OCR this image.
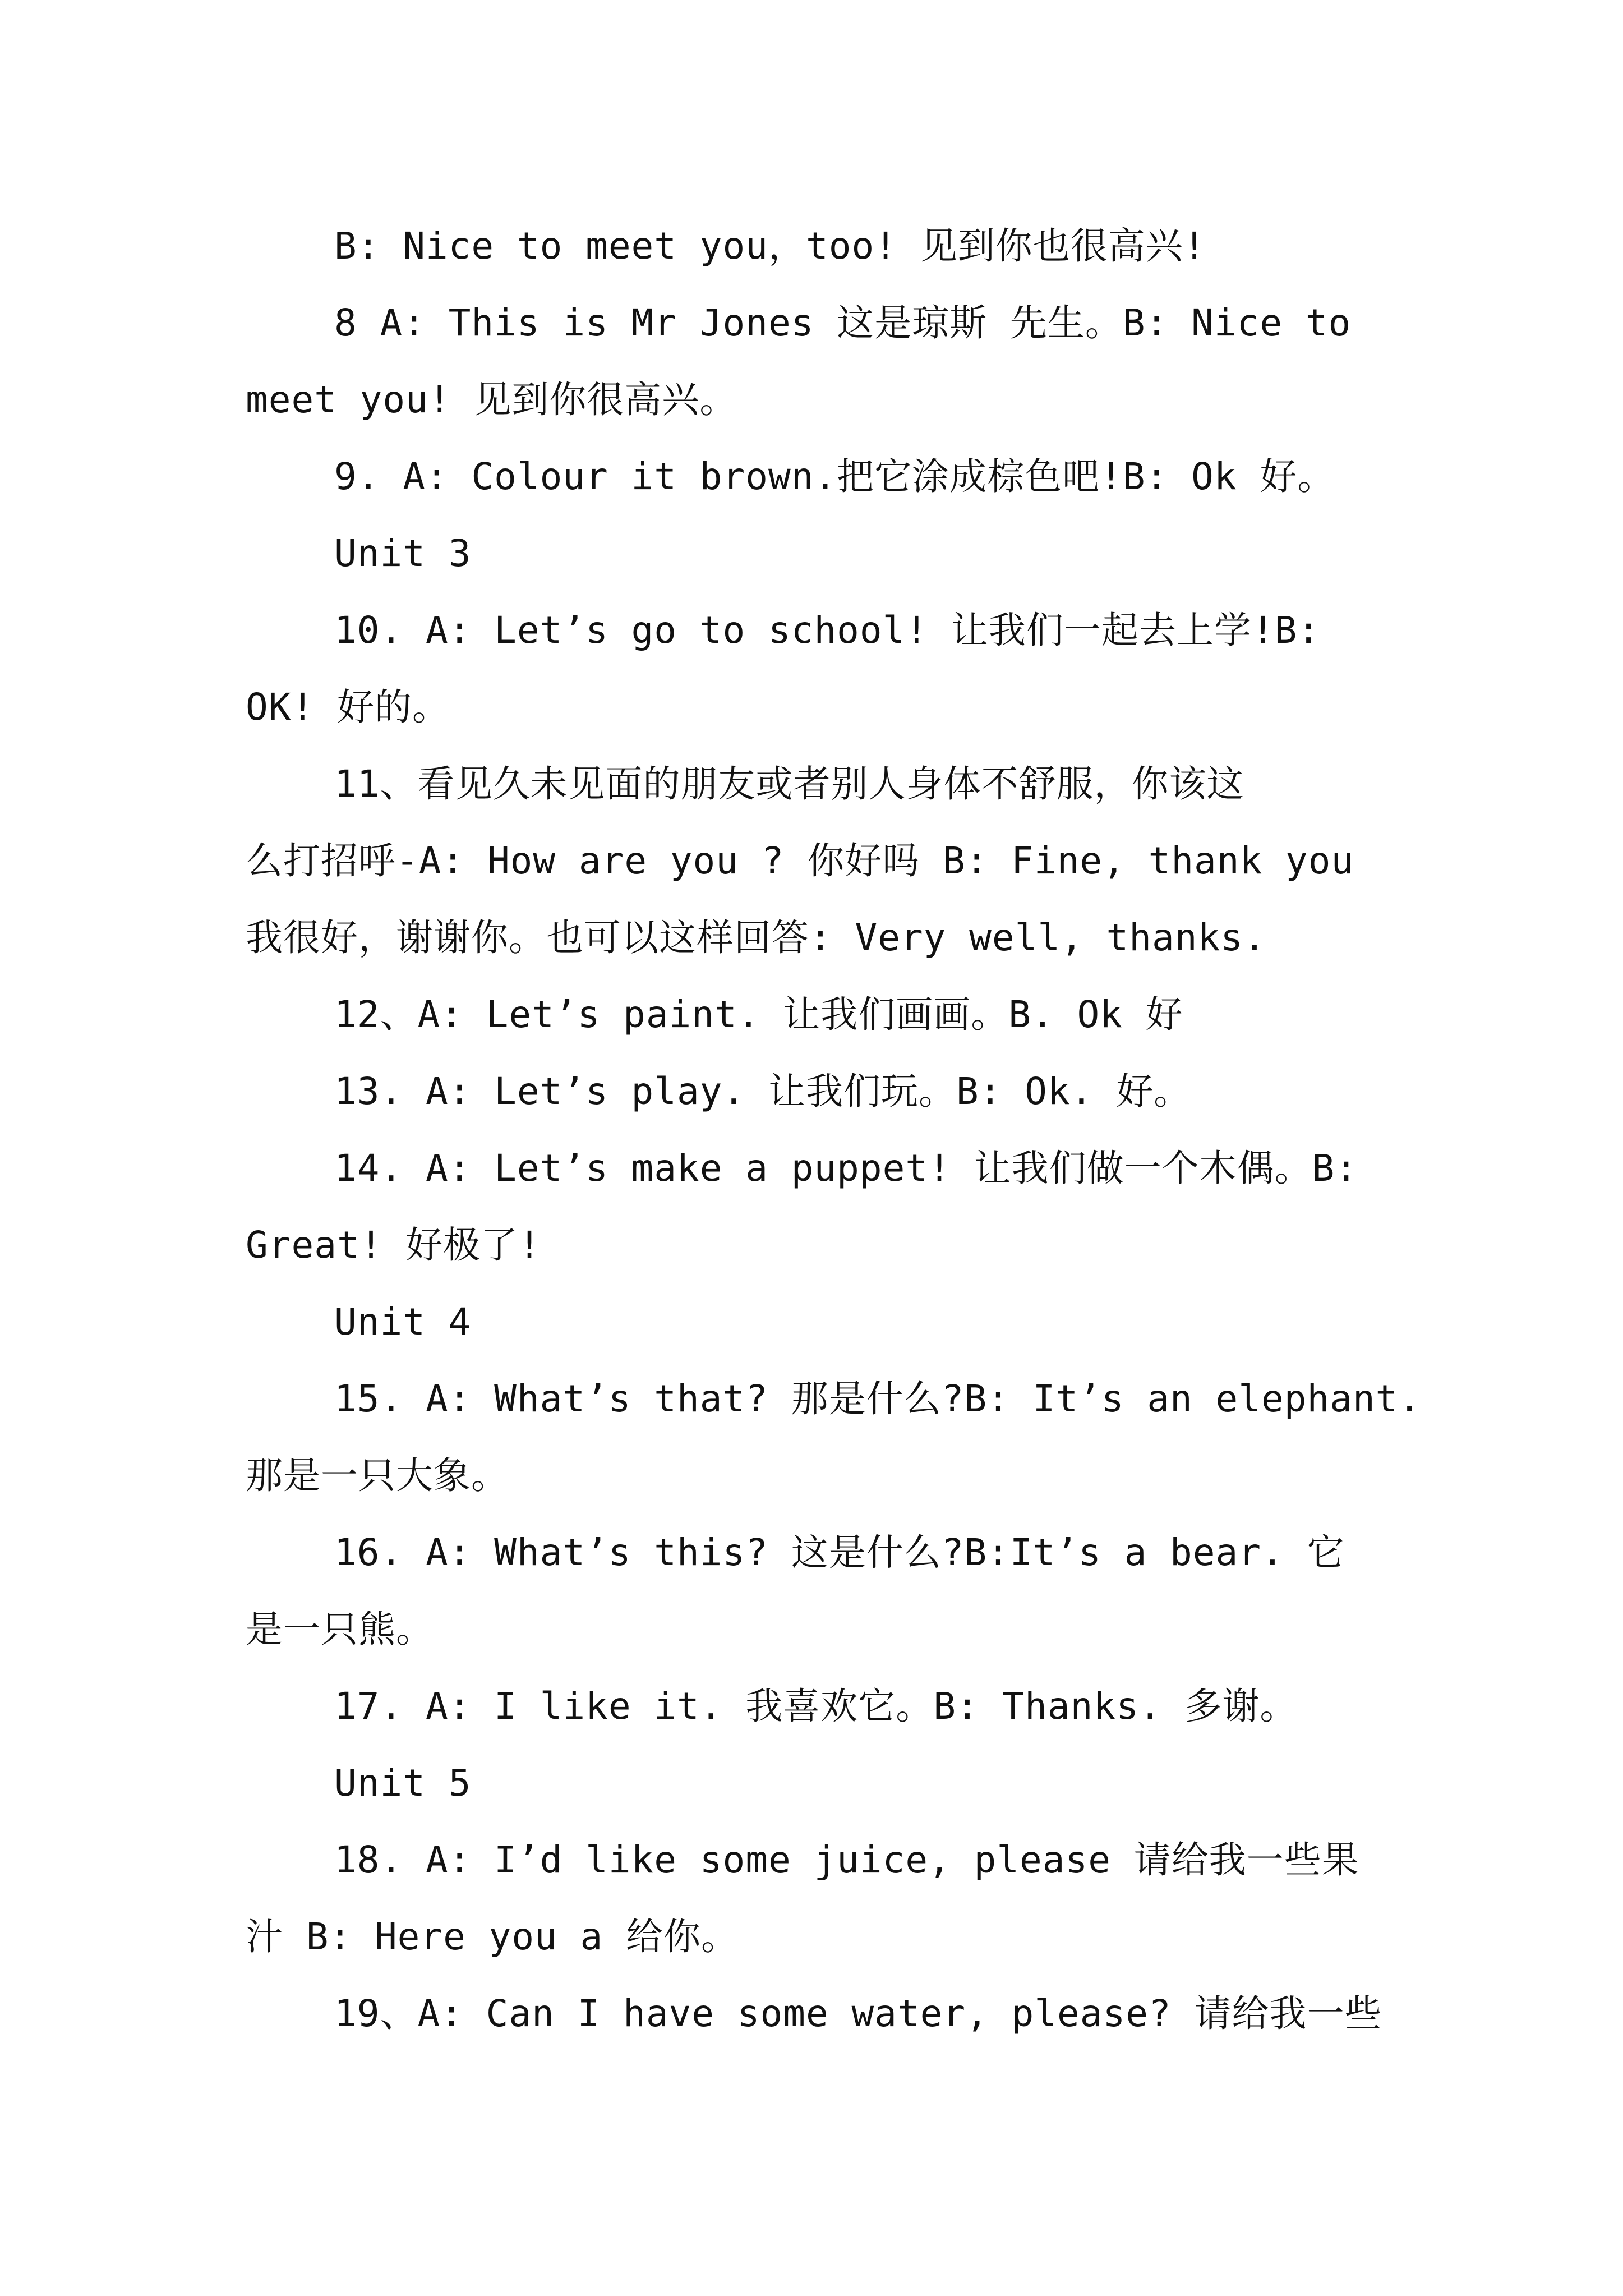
B: Nice to meet you，too! 见到你也很高兴!
8 A: This is Mr Jones 这是琼斯 先生。B: Nice to
meet you! 见到你很高兴。
9. A: Colour it brown.把它涂成棕色吧!B: Ok 好。
Unit 3
10. A: Let’s go to school! 让我们一起去上学!B:
OK! 好的。
11、看见久未见面的朋友或者别人身体不舒服，你该这
么打招呼-A: How are you ? 你好吗 B: Fine, thank you
我很好，谢谢你。也可以这样回答: Very well, thanks.
12、A: Let’s paint. 让我们画画。B. Ok 好
13. A: Let’s play. 让我们玩。B: Ok. 好。
14. A: Let’s make a puppet! 让我们做一个木偶。B:
Great! 好极了!
Unit 4
15. A: What’s that? 那是什么?B: It’s an elephant.
那是一只大象。
16. A: What’s this? 这是什么?B:It’s a bear. 它
是一只熊。
17. A: I like it. 我喜欢它。B: Thanks. 多谢。
Unit 5
18. A: I’d like some juice, please 请给我一些果
汁 B: Here you a 给你。
19、A: Can I have some water, please? 请给我一些
